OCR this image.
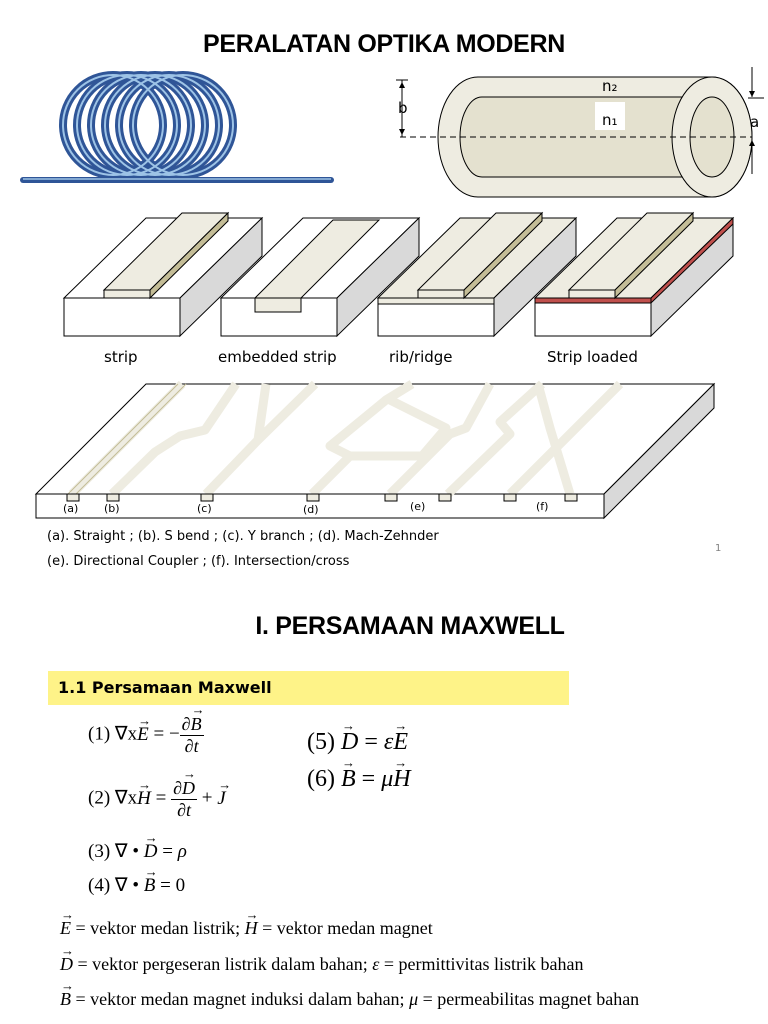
PERALATAN OPTIKA MODERN
n₂
n₁
b
a
strip	embedded strip	rib/ridge	Strip loaded
(a) (b)	(c)	(d)	(e)	(f)
(a). Straight ; (b). S bend ; (c). Y branch ; (d). Mach-Zehnder
(e). Directional Coupler ; (f). Intersection/cross
1
I. PERSAMAAN MAXWELL
1.1 Persamaan Maxwell
(1) ∇x→ E = − $\frac{\partial\to B}{\partial t}$
(2) $\nabla x\to H = \frac{\partial\to D}{\partial t}$ + → J
(3) ∇ • → D = ρ
(4) ∇ • → B = 0
(5) → D = ε→ E
(6) → B = μ→ H
→ E = vektor medan listrik; → H = vektor medan magnet
→ D = vektor pergeseran listrik dalam bahan; ε = permittivitas listrik bahan
→ B = vektor medan magnet induksi dalam bahan; μ = permeabilitas magnet bahan
